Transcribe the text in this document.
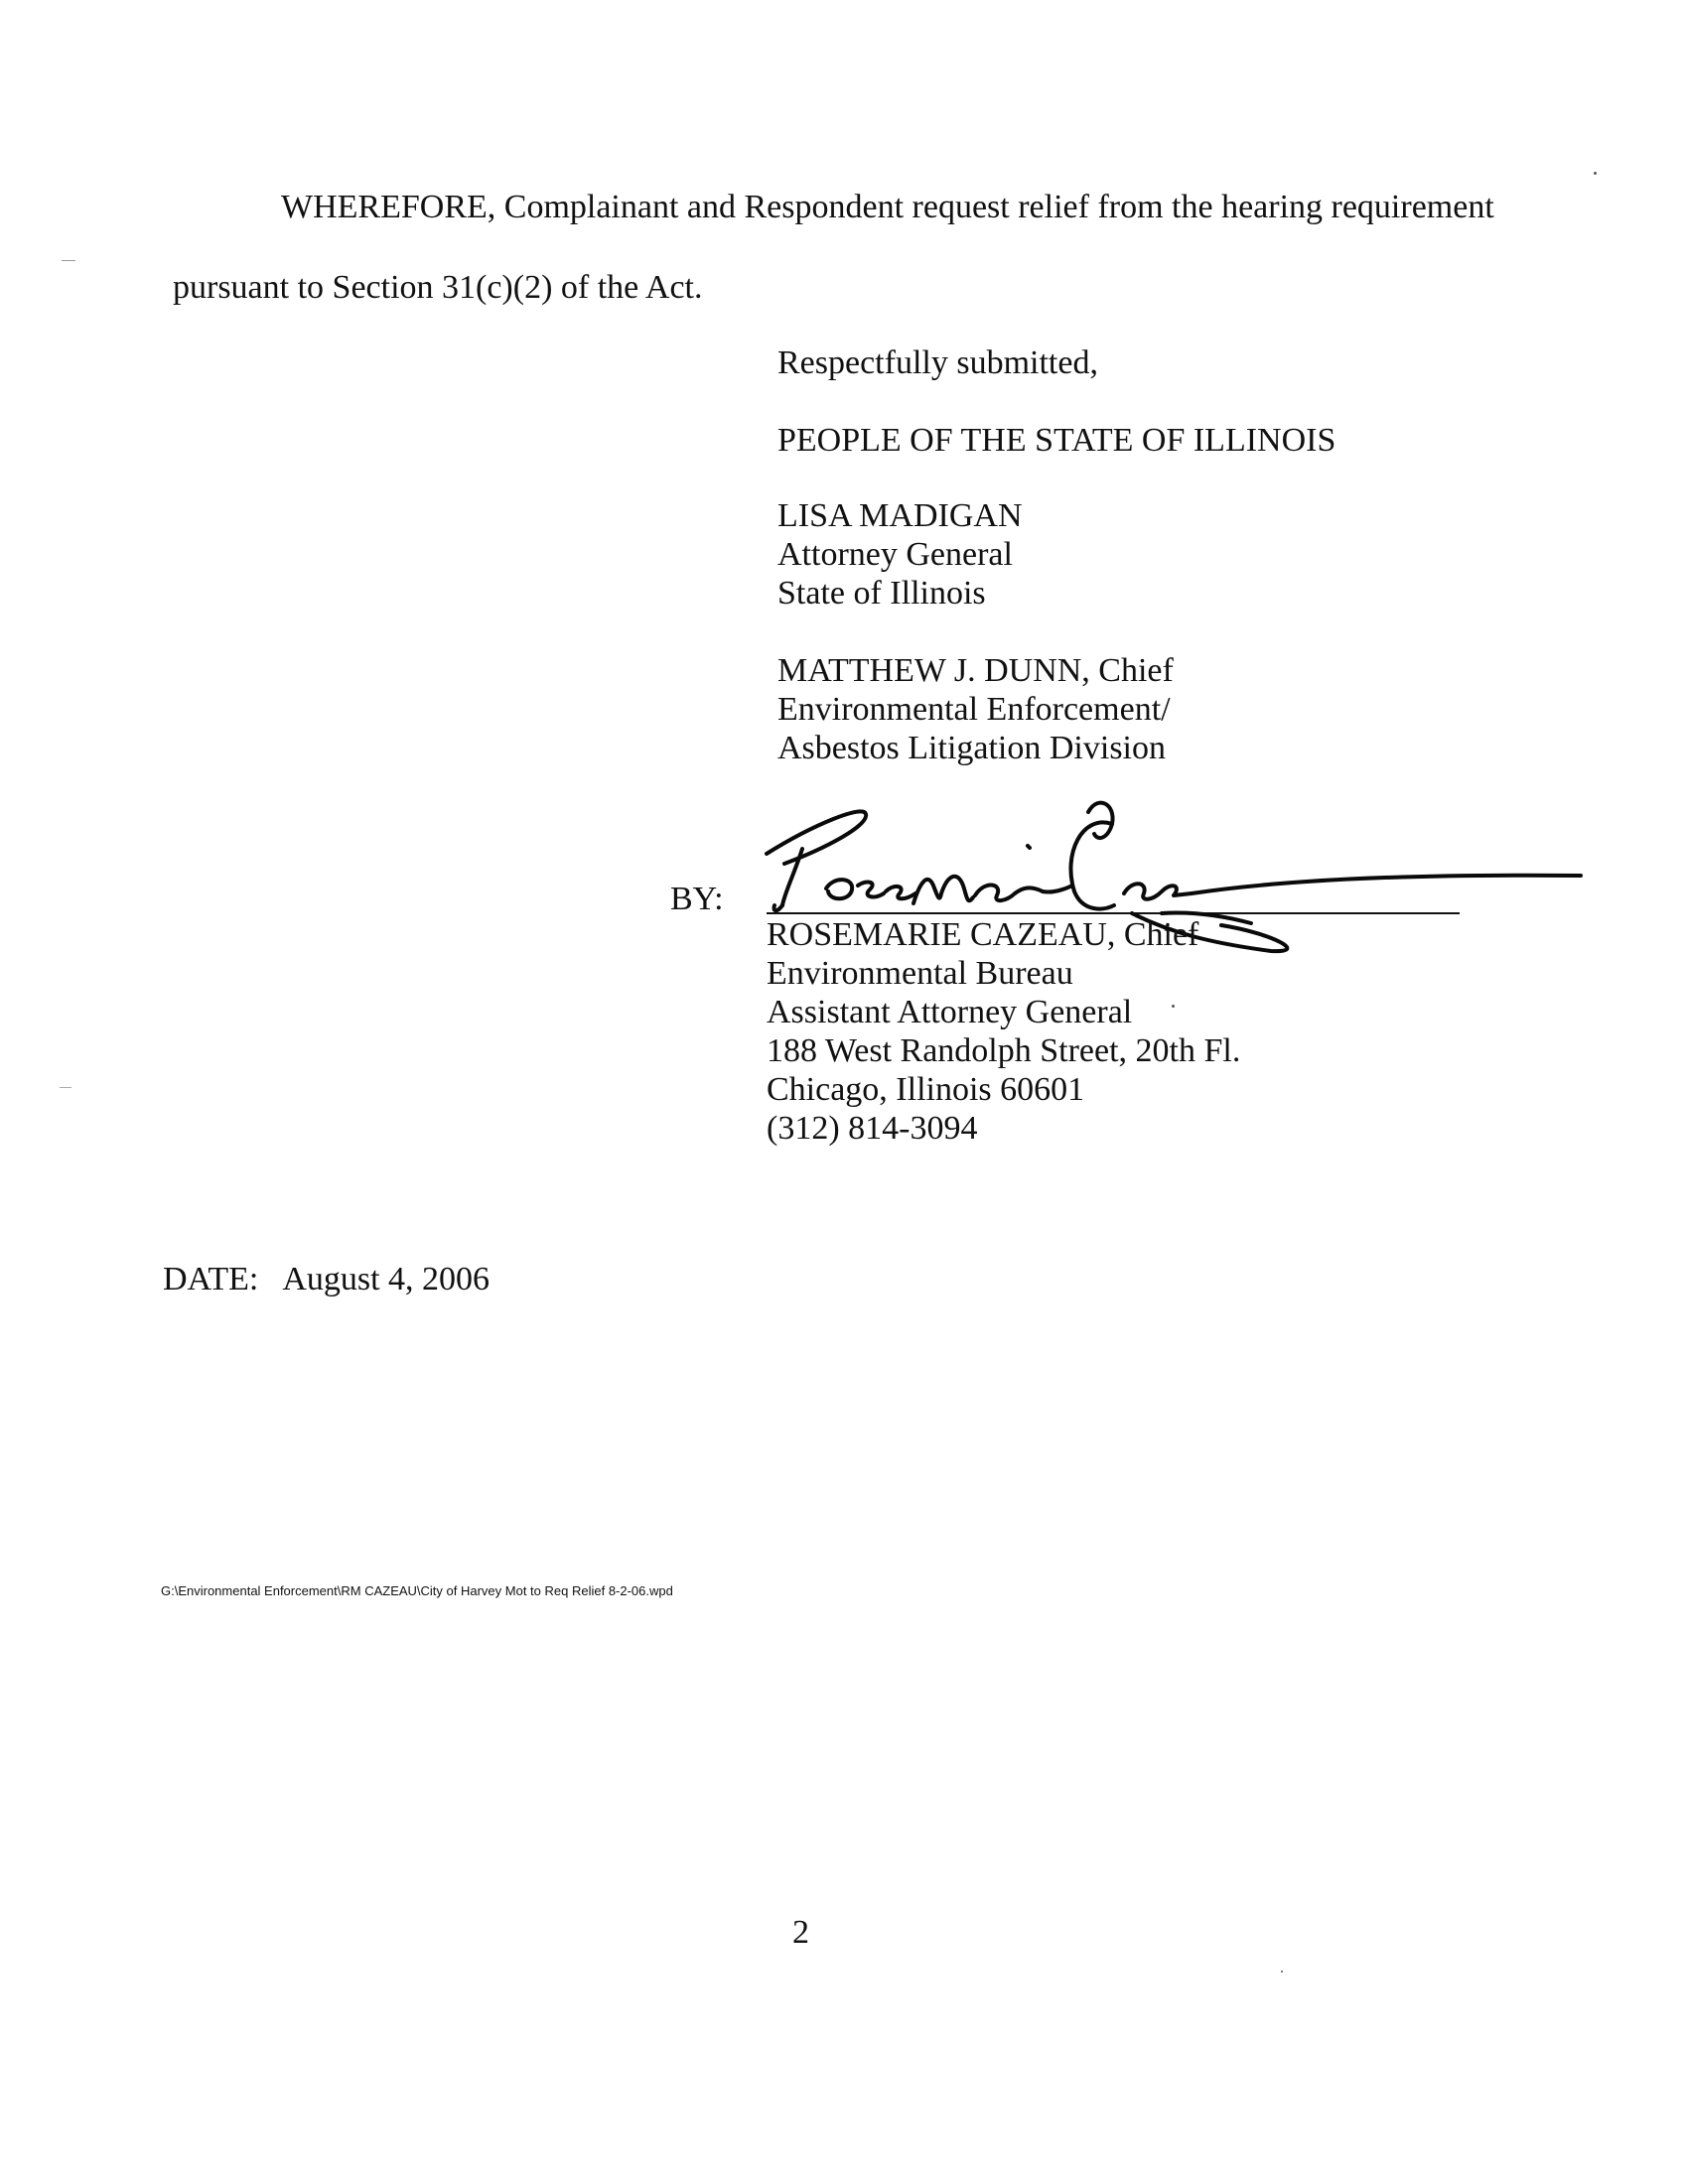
WHEREFORE, Complainant and Respondent request relief from the hearing requirement
pursuant to Section 31(c)(2) of the Act.
Respectfully submitted,
PEOPLE OF THE STATE OF ILLINOIS
LISA MADIGAN
Attorney General
State of Illinois
MATTHEW J. DUNN, Chief
Environmental Enforcement/
Asbestos Litigation Division
BY:
ROSEMARIE CAZEAU, Chief
Environmental Bureau
Assistant Attorney General
188 West Randolph Street, 20th Fl.
Chicago, Illinois 60601
(312) 814-3094
DATE: August 4, 2006
G:\Environmental Enforcement\RM CAZEAU\City of Harvey Mot to Req Relief 8-2-06.wpd
2
